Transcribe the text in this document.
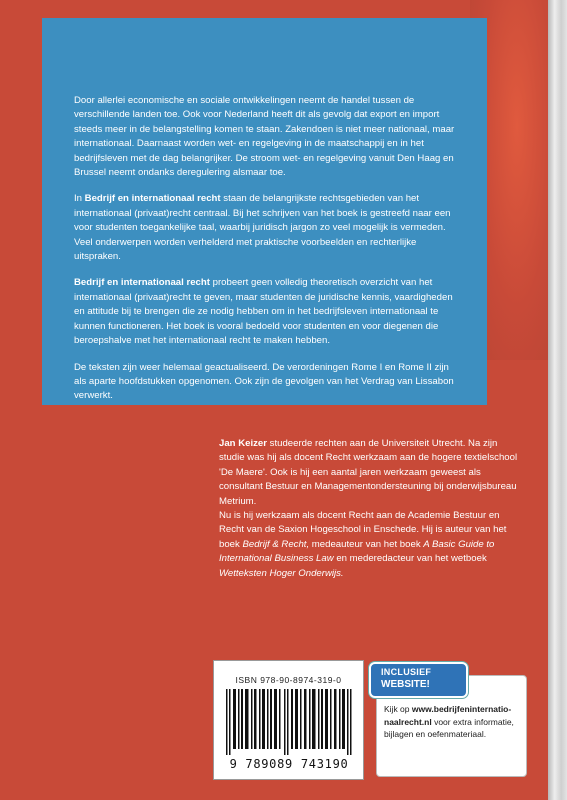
Door allerlei economische en sociale ontwikkelingen neemt de handel tussen de verschillende landen toe. Ook voor Nederland heeft dit als gevolg dat export en import steeds meer in de belangstelling komen te staan. Zakendoen is niet meer nationaal, maar internationaal. Daarnaast worden wet- en regelgeving in de maatschappij en in het bedrijfsleven met de dag belangrijker. De stroom wet- en regelgeving vanuit Den Haag en Brussel neemt ondanks deregulering alsmaar toe.

In Bedrijf en internationaal recht staan de belangrijkste rechtsgebieden van het internationaal (privaat)recht centraal. Bij het schrijven van het boek is gestreefd naar een voor studenten toegankelijke taal, waarbij juridisch jargon zo veel mogelijk is vermeden. Veel onderwerpen worden verhelderd met praktische voorbeelden en rechterlijke uitspraken.

Bedrijf en internationaal recht probeert geen volledig theoretisch overzicht van het internationaal (privaat)recht te geven, maar studenten de juridische kennis, vaardigheden en attitude bij te brengen die ze nodig hebben om in het bedrijfsleven internationaal te kunnen functioneren. Het boek is vooral bedoeld voor studenten en voor diegenen die beroepshalve met het internationaal recht te maken hebben.

De teksten zijn weer helemaal geactualiseerd. De verordeningen Rome I en Rome II zijn als aparte hoofdstukken opgenomen. Ook zijn de gevolgen van het Verdrag van Lissabon verwerkt.

Jan Keizer studeerde rechten aan de Universiteit Utrecht. Na zijn studie was hij als docent Recht werkzaam aan de hogere textielschool 'De Maere'. Ook is hij een aantal jaren werkzaam geweest als consultant Bestuur en Managementondersteuning bij onderwijsbureau Metrium.

Nu is hij werkzaam als docent Recht aan de Academie Bestuur en Recht van de Saxion Hogeschool in Enschede. Hij is auteur van het boek Bedrijf & Recht, medeauteur van het boek A Basic Guide to International Business Law en mederedacteur van het wetboek Wetteksten Hoger Onderwijs.

ISBN 978-90-8974-319-0
9 789089 743190
INCLUSIEF
WEBSITE!
Kijk op www.bedrijfeninternatio-naalrecht.nl voor extra informatie, bijlagen en oefenmateriaal.
